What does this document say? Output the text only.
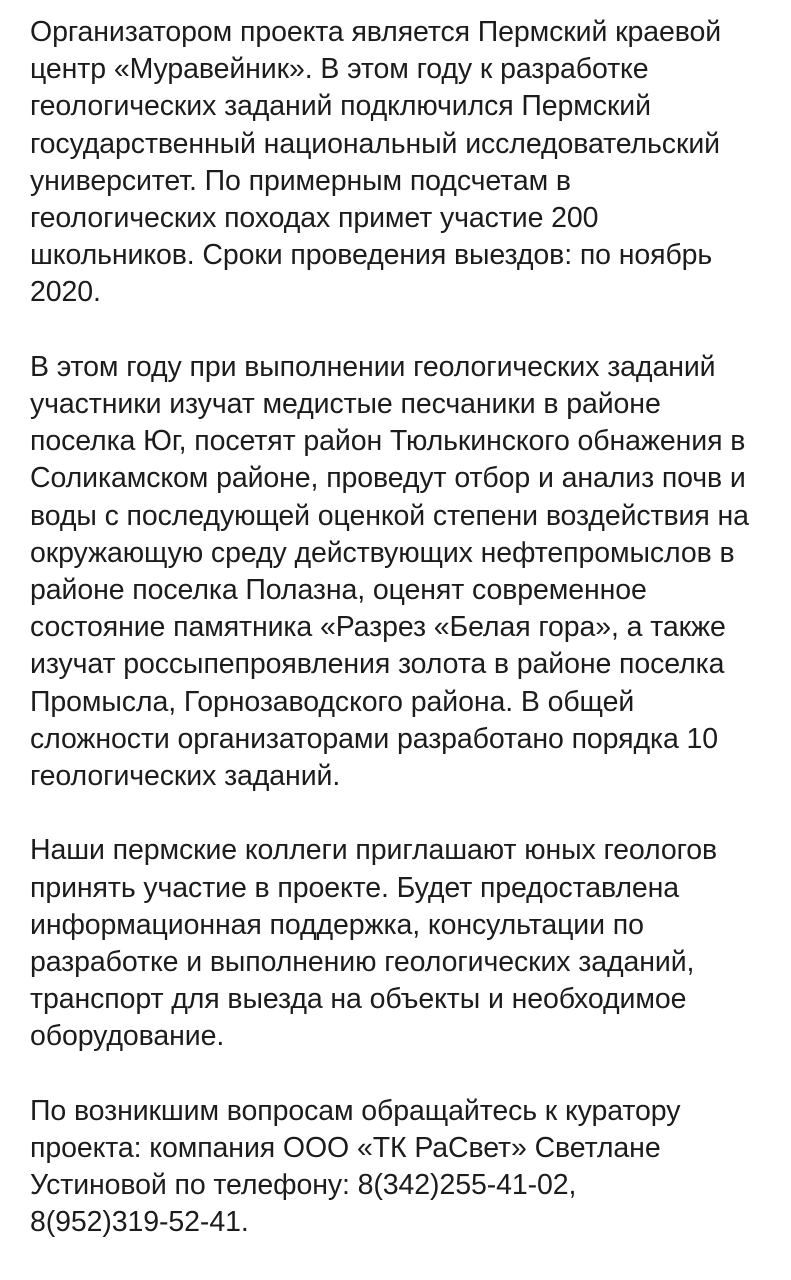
Организатором проекта является Пермский краевой
центр «Муравейник». В этом году к разработке
геологических заданий подключился Пермский
государственный национальный исследовательский
университет. По примерным подсчетам в
геологических походах примет участие 200
школьников. Сроки проведения выездов: по ноябрь
2020.

В этом году при выполнении геологических заданий
участники изучат медистые песчаники в районе
поселка Юг, посетят район Тюлькинского обнажения в
Соликамском районе, проведут отбор и анализ почв и
воды с последующей оценкой степени воздействия на
окружающую среду действующих нефтепромыслов в
районе поселка Полазна, оценят современное
состояние памятника «Разрез «Белая гора», а также
изучат россыпепроявления золота в районе поселка
Промысла, Горнозаводского района. В общей
сложности организаторами разработано порядка 10
геологических заданий.

Наши пермские коллеги приглашают юных геологов
принять участие в проекте. Будет предоставлена
информационная поддержка, консультации по
разработке и выполнению геологических заданий,
транспорт для выезда на объекты и необходимое
оборудование.

По возникшим вопросам обращайтесь к куратору
проекта: компания ООО «ТК РаСвет» Светлане
Устиновой по телефону: 8(342)255-41-02,
8(952)319-52-41.
